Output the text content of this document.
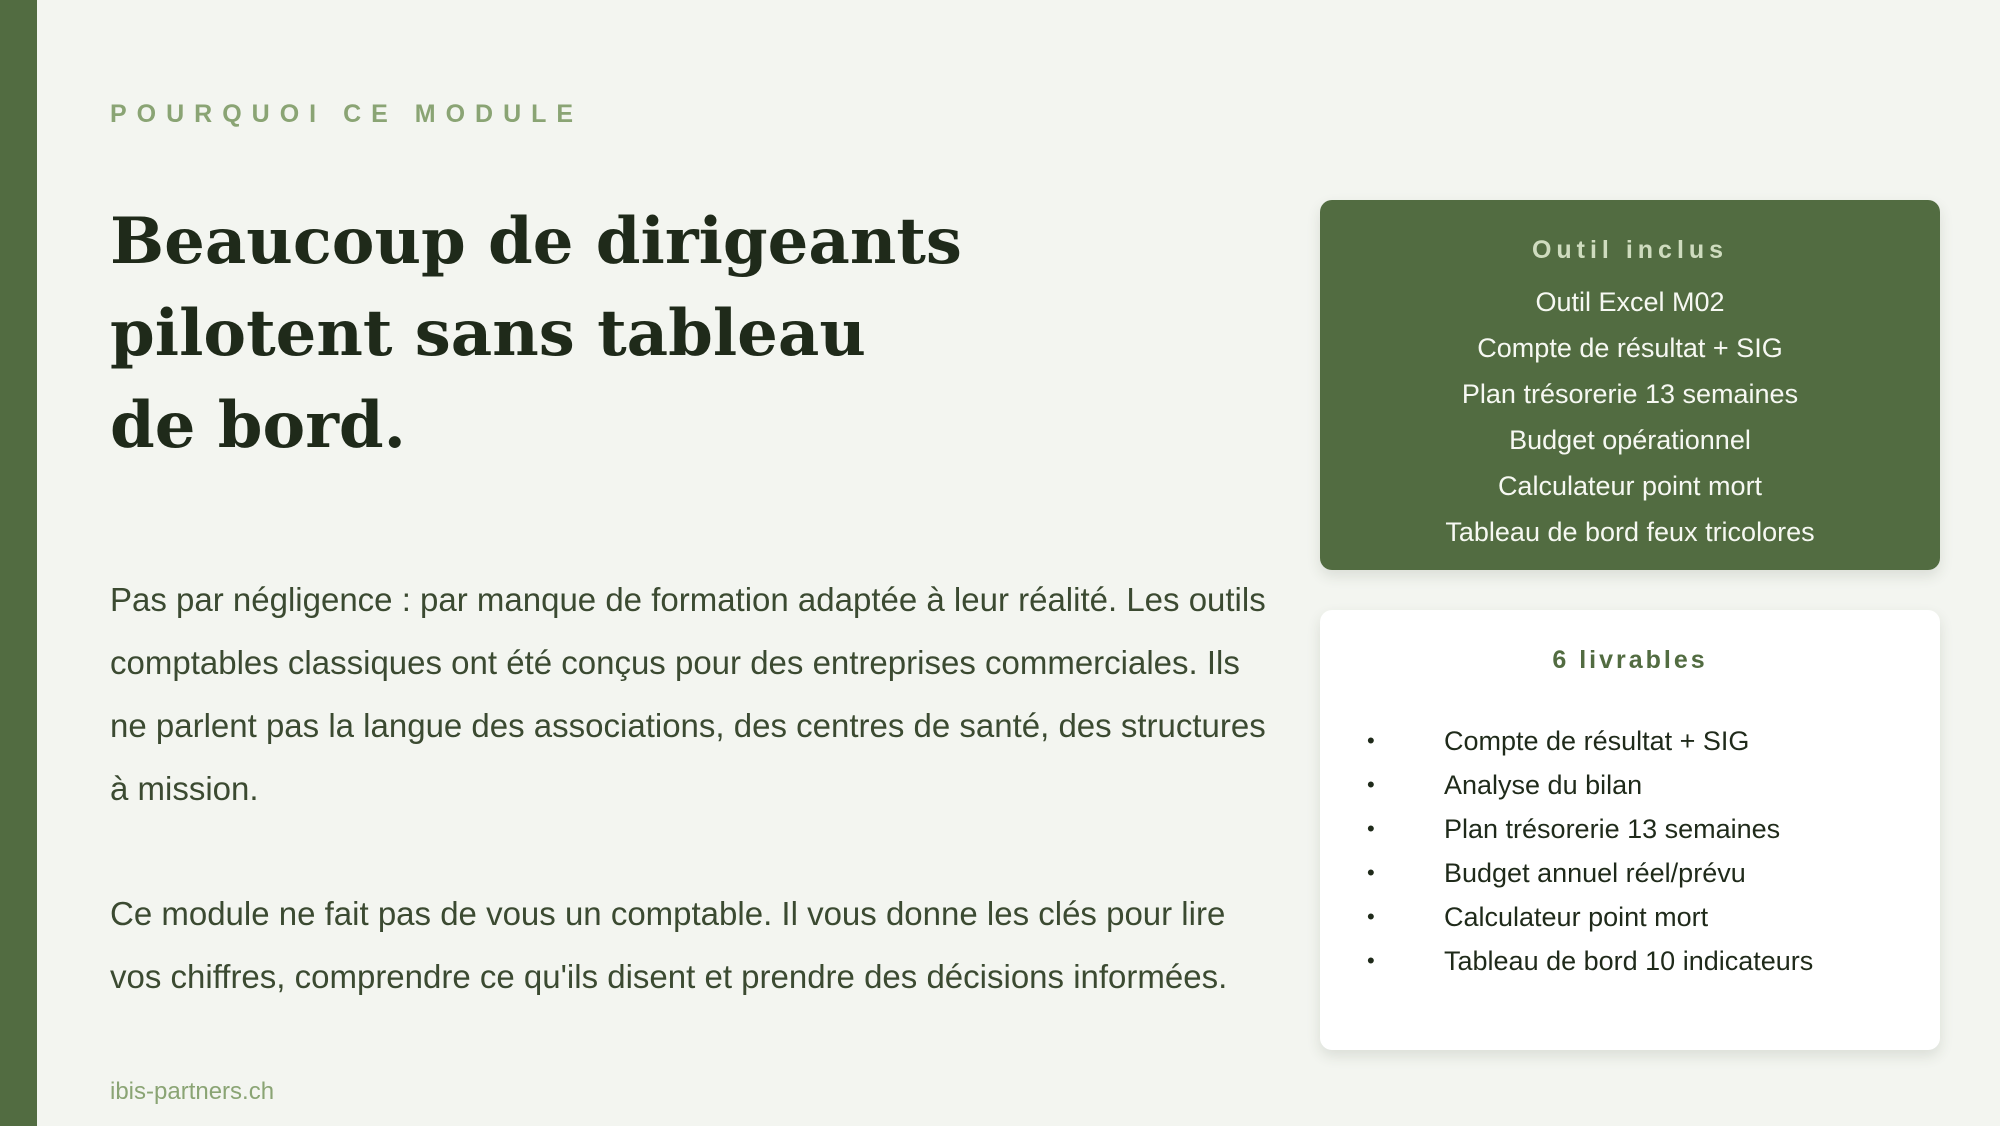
POURQUOI CE MODULE
Beaucoup de dirigeants
pilotent sans tableau
de bord.

Pas par négligence : par manque de formation adaptée à leur réalité. Les outils comptables classiques ont été conçus pour des entreprises commerciales. Ils ne parlent pas la langue des associations, des centres de santé, des structures à mission.

Ce module ne fait pas de vous un comptable. Il vous donne les clés pour lire vos chiffres, comprendre ce qu'ils disent et prendre des décisions informées.

Outil inclus
Outil Excel M02
Compte de résultat + SIG
Plan trésorerie 13 semaines
Budget opérationnel
Calculateur point mort
Tableau de bord feux tricolores
6 livrables
•	Compte de résultat + SIG
•	Analyse du bilan
•	Plan trésorerie 13 semaines
•	Budget annuel réel/prévu
•	Calculateur point mort
•	Tableau de bord 10 indicateurs
ibis-partners.ch
